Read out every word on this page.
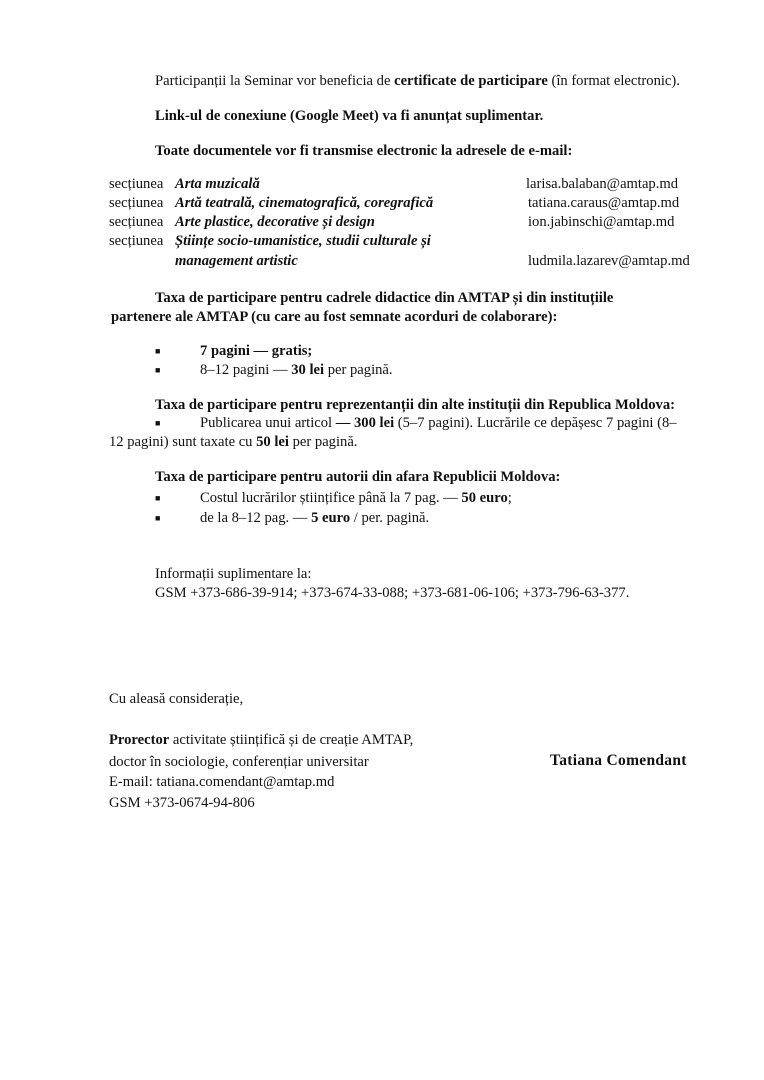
Participanții la Seminar vor beneficia de certificate de participare (în format electronic).
Link-ul de conexiune (Google Meet) va fi anunțat suplimentar.
Toate documentele vor fi transmise electronic la adresele de e-mail:
secțiunea Arta muzicală	larisa.balaban@amtap.md
secțiunea Artă teatrală, cinematografică, coregrafică	tatiana.caraus@amtap.md
secțiunea Arte plastice, decorative și design	ion.jabinschi@amtap.md
secțiunea Științe socio-umanistice, studii culturale și
management artistic	ludmila.lazarev@amtap.md
Taxa de participare pentru cadrele didactice din AMTAP și din instituțiile
partenere ale AMTAP (cu care au fost semnate acorduri de colaborare):
■	7 pagini — gratis;
■	8–12 pagini — 30 lei per pagină.
Taxa de participare pentru reprezentanții din alte instituții din Republica Moldova:
■	Publicarea unui articol — 300 lei (5–7 pagini). Lucrările ce depășesc 7 pagini (8–
12 pagini) sunt taxate cu 50 lei per pagină.
Taxa de participare pentru autorii din afara Republicii Moldova:
■	Costul lucrărilor științifice până la 7 pag. — 50 euro;
■	de la 8–12 pag. — 5 euro / per. pagină.
Informații suplimentare la:
GSM +373-686-39-914; +373-674-33-088; +373-681-06-106; +373-796-63-377.
Cu aleasă considerație,
Prorector activitate științifică și de creație AMTAP,
doctor în sociologie, conferențiar universitar	Tatiana Comendant
E-mail: tatiana.comendant@amtap.md
GSM +373-0674-94-806
